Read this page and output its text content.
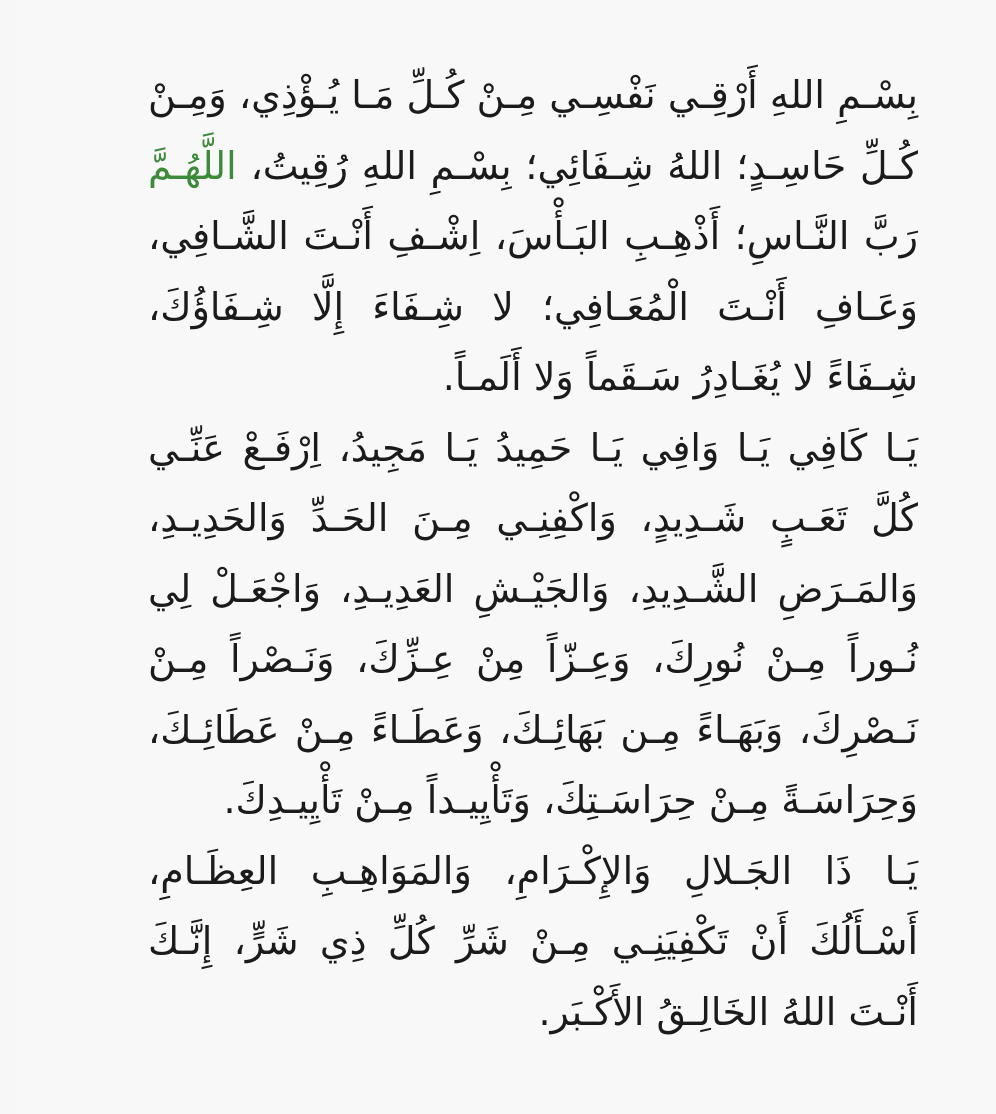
بِسْـمِ اللهِ أَرْقِـي نَفْسِـي مِـنْ كُـلِّ مَـا يُـؤْذِي، وَمِـنْ كُـلِّ حَاسِـدٍ؛ اللهُ شِـفَائِي؛ بِسْـمِ اللهِ رُقِيتُ، اللَّهُـمَّ رَبَّ النَّـاسِ؛ أَذْهِـبِ البَـأْسَ، اِشْـفِ أَنْـتَ الشَّـافِي، وَعَـافِ أَنْـتَ الْمُعَـافِي؛ لا شِـفَاءَ إِلَّا شِـفَاؤُكَ، شِـفَاءً لا يُغَـادِرُ سَـقَماً وَلا أَلَمـاً.

يَـا كَافِي يَـا وَافِي يَـا حَمِيدُ يَـا مَجِيدُ، اِرْفَـعْ عَنِّـي كُلَّ تَعَـبٍ شَـدِيدٍ، وَاكْفِنِـي مِـنَ الحَـدِّ وَالحَدِيـدِ، وَالمَـرَضِ الشَّـدِيدِ، وَالجَيْـشِ العَدِيـدِ، وَاجْعَـلْ لِي نُـوراً مِـنْ نُورِكَ، وَعِـزّاً مِنْ عِـزِّكَ، وَنَـصْراً مِـنْ نَـصْرِكَ، وَبَهَـاءً مِـن بَهَائِـكَ، وَعَطَـاءً مِـنْ عَطَائِـكَ، وَحِرَاسَـةً مِـنْ حِرَاسَـتِكَ، وَتَأْيِيـداً مِـنْ تَأْيِيـدِكَ.

يَـا ذَا الجَـلالِ وَالإِكْـرَامِ، وَالمَوَاهِـبِ العِظَـامِ، أَسْـأَلُكَ أَنْ تَكْفِيَنِـي مِـنْ شَرِّ كُلِّ ذِي شَرٍّ، إِنَّـكَ أَنْـتَ اللهُ الخَالِـقُ الأَكْـبَر.
